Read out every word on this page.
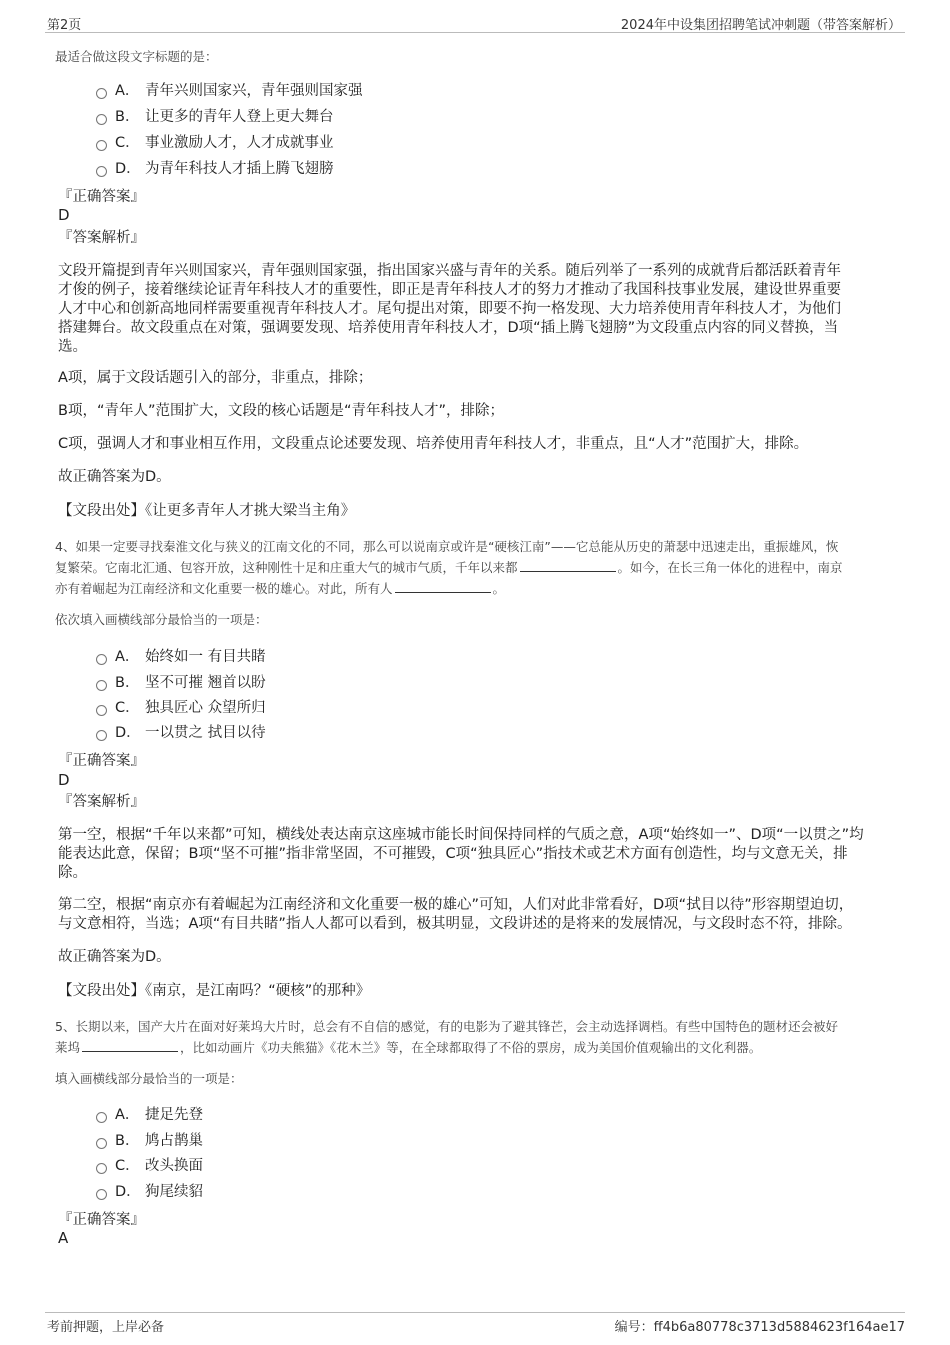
第2页	2024年中设集团招聘笔试冲刺题（带答案解析）
最适合做这段文字标题的是：
A． 青年兴则国家兴，青年强则国家强
B． 让更多的青年人登上更大舞台
C． 事业激励人才，人才成就事业
D． 为青年科技人才插上腾飞翅膀
『正确答案』
D
『答案解析』
文段开篇提到青年兴则国家兴，青年强则国家强，指出国家兴盛与青年的关系。随后列举了一系列的成就背后都活跃着青年
才俊的例子，接着继续论证青年科技人才的重要性，即正是青年科技人才的努力才推动了我国科技事业发展，建设世界重要
人才中心和创新高地同样需要重视青年科技人才。尾句提出对策，即要不拘一格发现、大力培养使用青年科技人才，为他们
搭建舞台。故文段重点在对策，强调要发现、培养使用青年科技人才，D项“插上腾飞翅膀”为文段重点内容的同义替换，当
选。
A项，属于文段话题引入的部分，非重点，排除；
B项，“青年人”范围扩大，文段的核心话题是“青年科技人才”，排除；
C项，强调人才和事业相互作用，文段重点论述要发现、培养使用青年科技人才，非重点，且“人才”范围扩大，排除。
故正确答案为D。
【文段出处】《让更多青年人才挑大梁当主角》
4、如果一定要寻找秦淮文化与狭义的江南文化的不同，那么可以说南京或许是“硬核江南”——它总能从历史的萧瑟中迅速走出，重振雄风，恢
复繁荣。它南北汇通、包容开放，这种刚性十足和庄重大气的城市气质，千年以来都	。如今，在长三角一体化的进程中，南京
亦有着崛起为江南经济和文化重要一极的雄心。对此，所有人	。
依次填入画横线部分最恰当的一项是：
A． 始终如一 有目共睹
B． 坚不可摧 翘首以盼
C． 独具匠心 众望所归
D． 一以贯之 拭目以待
『正确答案』
D
『答案解析』
第一空，根据“千年以来都”可知，横线处表达南京这座城市能长时间保持同样的气质之意，A项“始终如一”、D项“一以贯之”均
能表达此意，保留；B项“坚不可摧”指非常坚固，不可摧毁，C项“独具匠心”指技术或艺术方面有创造性，均与文意无关，排
除。
第二空，根据“南京亦有着崛起为江南经济和文化重要一极的雄心”可知，人们对此非常看好，D项“拭目以待”形容期望迫切，
与文意相符，当选；A项“有目共睹”指人人都可以看到，极其明显，文段讲述的是将来的发展情况，与文段时态不符，排除。
故正确答案为D。
【文段出处】《南京，是江南吗？“硬核”的那种》
5、长期以来，国产大片在面对好莱坞大片时，总会有不自信的感觉，有的电影为了避其锋芒，会主动选择调档。有些中国特色的题材还会被好
莱坞	，比如动画片《功夫熊猫》《花木兰》等，在全球都取得了不俗的票房，成为美国价值观输出的文化利器。
填入画横线部分最恰当的一项是：
A． 捷足先登
B． 鸠占鹊巢
C． 改头换面
D． 狗尾续貂
『正确答案』
A
考前押题，上岸必备	编号：ff4b6a80778c3713d5884623f164ae17
